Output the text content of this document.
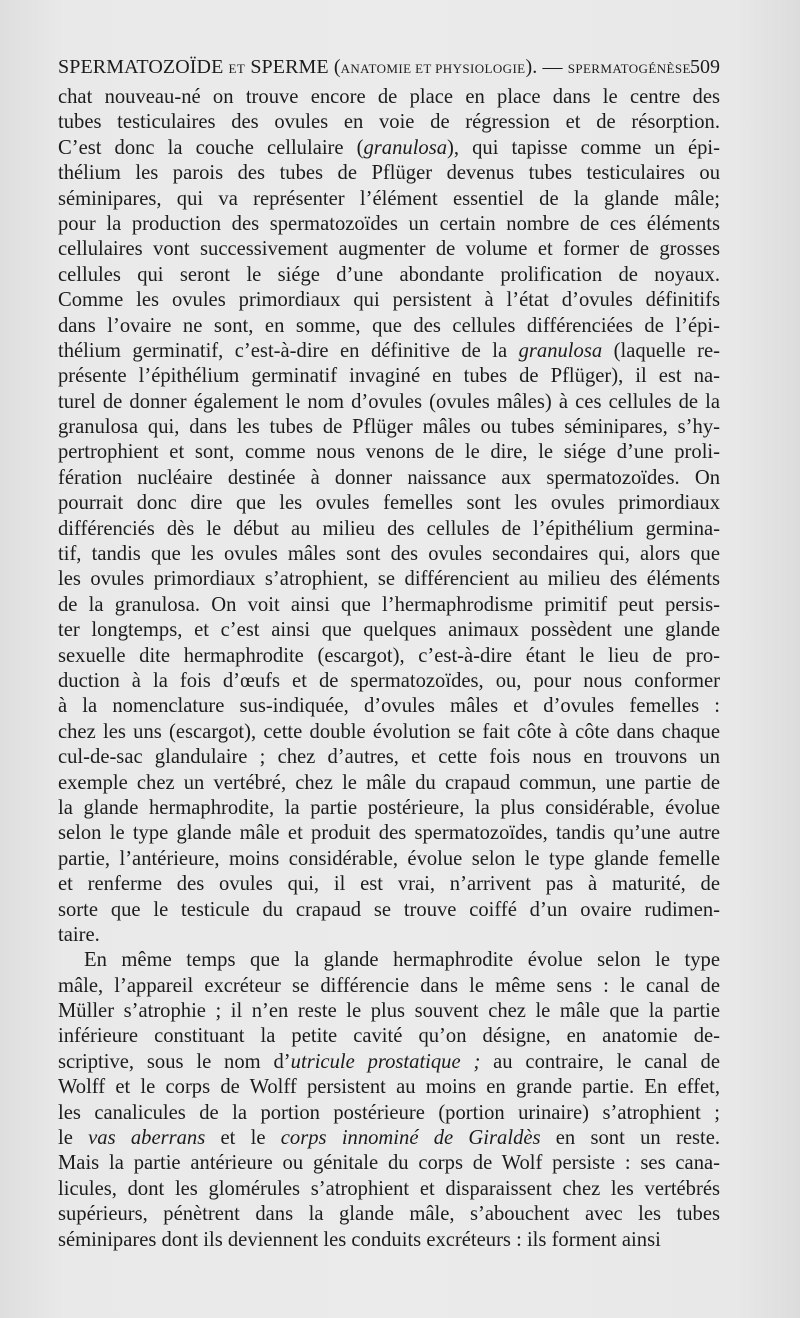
SPERMATOZOÏDE ET SPERME (ANATOMIE ET PHYSIOLOGIE). — SPERMATOGÉNÈSE.
509
chat nouveau-né on trouve encore de place en place dans le centre des
tubes testiculaires des ovules en voie de régression et de résorption.
C’est donc la couche cellulaire (granulosa), qui tapisse comme un épi-
thélium les parois des tubes de Pflüger devenus tubes testiculaires ou
séminipares, qui va représenter l’élément essentiel de la glande mâle;
pour la production des spermatozoïdes un certain nombre de ces éléments
cellulaires vont successivement augmenter de volume et former de grosses
cellules qui seront le siége d’une abondante prolification de noyaux.
Comme les ovules primordiaux qui persistent à l’état d’ovules définitifs
dans l’ovaire ne sont, en somme, que des cellules différenciées de l’épi-
thélium germinatif, c’est-à-dire en définitive de la granulosa (laquelle re-
présente l’épithélium germinatif invaginé en tubes de Pflüger), il est na-
turel de donner également le nom d’ovules (ovules mâles) à ces cellules de la
granulosa qui, dans les tubes de Pflüger mâles ou tubes séminipares, s’hy-
pertrophient et sont, comme nous venons de le dire, le siége d’une proli-
fération nucléaire destinée à donner naissance aux spermatozoïdes. On
pourrait donc dire que les ovules femelles sont les ovules primordiaux
différenciés dès le début au milieu des cellules de l’épithélium germina-
tif, tandis que les ovules mâles sont des ovules secondaires qui, alors que
les ovules primordiaux s’atrophient, se différencient au milieu des éléments
de la granulosa. On voit ainsi que l’hermaphrodisme primitif peut persis-
ter longtemps, et c’est ainsi que quelques animaux possèdent une glande
sexuelle dite hermaphrodite (escargot), c’est-à-dire étant le lieu de pro-
duction à la fois d’œufs et de spermatozoïdes, ou, pour nous conformer
à la nomenclature sus-indiquée, d’ovules mâles et d’ovules femelles :
chez les uns (escargot), cette double évolution se fait côte à côte dans chaque
cul-de-sac glandulaire ; chez d’autres, et cette fois nous en trouvons un
exemple chez un vertébré, chez le mâle du crapaud commun, une partie de
la glande hermaphrodite, la partie postérieure, la plus considérable, évolue
selon le type glande mâle et produit des spermatozoïdes, tandis qu’une autre
partie, l’antérieure, moins considérable, évolue selon le type glande femelle
et renferme des ovules qui, il est vrai, n’arrivent pas à maturité, de
sorte que le testicule du crapaud se trouve coiffé d’un ovaire rudimen-
taire.
En même temps que la glande hermaphrodite évolue selon le type
mâle, l’appareil excréteur se différencie dans le même sens : le canal de
Müller s’atrophie ; il n’en reste le plus souvent chez le mâle que la partie
inférieure constituant la petite cavité qu’on désigne, en anatomie de-
scriptive, sous le nom d’utricule prostatique ; au contraire, le canal de
Wolff et le corps de Wolff persistent au moins en grande partie. En effet,
les canalicules de la portion postérieure (portion urinaire) s’atrophient ;
le vas aberrans et le corps innominé de Giraldès en sont un reste.
Mais la partie antérieure ou génitale du corps de Wolf persiste : ses cana-
licules, dont les glomérules s’atrophient et disparaissent chez les vertébrés
supérieurs, pénètrent dans la glande mâle, s’abouchent avec les tubes
séminipares dont ils deviennent les conduits excréteurs : ils forment ainsi
